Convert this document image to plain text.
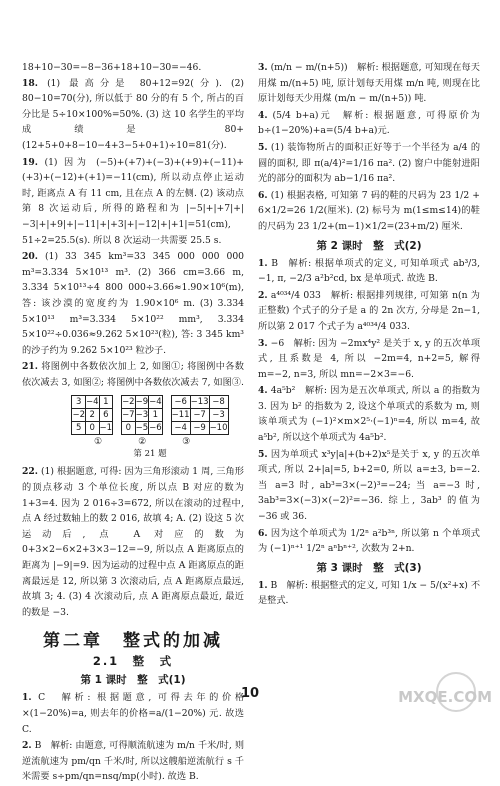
18+10−30=−8−36+18+10−30=−46.
18. (1) 最高分是 80+12=92(分). (2) 80−10=70(分), 所以低于 80 分的有 5 个, 所占的百分比是 5÷10×100%=50%. (3) 这 10 名学生的平均成绩是 80+(12+5+0+8−10−4+3−5+0+1)÷10=81(分).
19. (1) 因为 (−5)+(+7)+(−3)+(+9)+(−11)+(+3)+(−12)+(+1)=−11(cm), 所以动点停止运动时, 距离点 A 有 11 cm, 且在点 A 的左侧. (2) 该动点第 8 次运动后, 所得的路程和为 |−5|+|+7|+|−3|+|+9|+|−11|+|+3|+|−12|+|+1|=51(cm), 51÷2=25.5(s). 所以 8 次运动一共需要 25.5 s.
20. (1) 33 345 km³=33 345 000 000 000 m³=3.334 5×10¹³ m³. (2) 366 cm=3.66 m, 3.334 5×10¹³÷4 800 000÷3.66≈1.90×10⁶(m), 答: 该沙漠的宽度约为 1.90×10⁶ m. (3) 3.334 5×10¹³ m³=3.334 5×10²² mm³, 3.334 5×10²²÷0.036≈9.262 5×10²³(粒), 答: 3 345 km³ 的沙子约为 9.262 5×10²³ 粒沙子.
21. 将图例中各数依次加上 2, 如图①; 将图例中各数依次减去 3, 如图②; 将图例中各数依次减去 7, 如图③.
3	−4	1
−2	2	6
5	0	−1
−2	−9	−4
−7	−3	1
0	−5	−6
−6	−13	−8
−11	−7	−3
−4	−9	−10
①	②	③
第 21 题
22. (1) 根据题意, 可得: 因为三角形滚动 1 周, 三角形的顶点移动 3 个单位长度, 所以点 B 对应的数为 1+3=4. 因为 2 016÷3=672, 所以在滚动的过程中, 点 A 经过数轴上的数 2 016, 故填 4; A. (2) 设这 5 次运动后, 点 A 对应的数为 0+3×2−6×2+3×3−12=−9, 所以点 A 距离原点的距离为 |−9|=9. 因为运动的过程中点 A 距离原点的距离最远是 12, 所以第 3 次滚动后, 点 A 距离原点最远, 故填 3; 4. (3) 4 次滚动后, 点 A 距离原点最近, 最近的数是 −3.
第二章　整式的加减
2.1　整　式
第 1 课时　整　式(1)
1. C　解析: 根据题意, 可得去年的价格×(1−20%)=a, 则去年的价格=a/(1−20%) 元. 故选 C.
2. B　解析: 由题意, 可得顺流航速为 m/n 千米/时, 则逆流航速为 pm/qn 千米/时, 所以这艘船逆流航行 s 千米需要 s÷pm/qn=nsq/mp(小时). 故选 B.
3. (m/n − m/(n+5))　解析: 根据题意, 可知现在每天用煤 m/(n+5) 吨, 原计划每天用煤 m/n 吨, 则现在比原计划每天少用煤 (m/n − m/(n+5)) 吨.
4. (5/4 b+a)元　解析: 根据题意, 可得原价为 b÷(1−20%)+a=(5/4 b+a)元.
5. (1) 装饰物所占的面积正好等于一个半径为 a/4 的圆的面积, 即 π(a/4)²=1/16 πa². (2) 窗户中能射进阳光的部分的面积为 ab−1/16 πa².
6. (1) 根据表格, 可知第 7 码的鞋的尺码为 23 1/2 + 6×1/2=26 1/2(厘米). (2) 标号为 m(1≤m≤14)的鞋的尺码为 23 1/2+(m−1)×1/2=(23+m/2) 厘米.
第 2 课时　整　式(2)
1. B　解析: 根据单项式的定义, 可知单项式 ab³/3, −1, π, −2/3 a²b²cd, bx 是单项式. 故选 B.
2. a⁴⁰³⁴/4 033　解析: 根据排列规律, 可知第 n(n 为正整数) 个式子的分子是 a 的 2n 次方, 分母是 2n−1, 所以第 2 017 个式子为 a⁴⁰³⁴/4 033.
3. −6　解析: 因为 −2mx⁴y² 是关于 x, y 的五次单项式, 且系数是 4, 所以 −2m=4, n+2=5, 解得 m=−2, n=3, 所以 mn=−2×3=−6.
4. 4a⁵b²　解析: 因为是五次单项式, 所以 a 的指数为 3. 因为 b² 的指数为 2, 设这个单项式的系数为 m, 则该单项式为 (−1)²×m×2⁵·(−1)ⁿ=4, 所以 m=4, 故 a⁵b², 所以这个单项式为 4a⁵b².
5. 因为单项式 x³y|a|+(b+2)x⁵是关于 x, y 的五次单项式, 所以 2+|a|=5, b+2=0, 所以 a=±3, b=−2. 当 a=3 时, ab³=3×(−2)³=−24; 当 a=−3 时, 3ab³=3×(−3)×(−2)²=−36. 综上, 3ab³ 的值为 −36 或 36.
6. 因为这个单项式为 1/2ⁿ a²b³ⁿ, 所以第 n 个单项式为 (−1)ⁿ⁺¹ 1/2ⁿ aⁿbⁿ⁺², 次数为 2+n.
第 3 课时　整　式(3)
1. B　解析: 根据整式的定义, 可知 1/x − 5/(x²+x) 不是整式.
10	MXQE.COM
